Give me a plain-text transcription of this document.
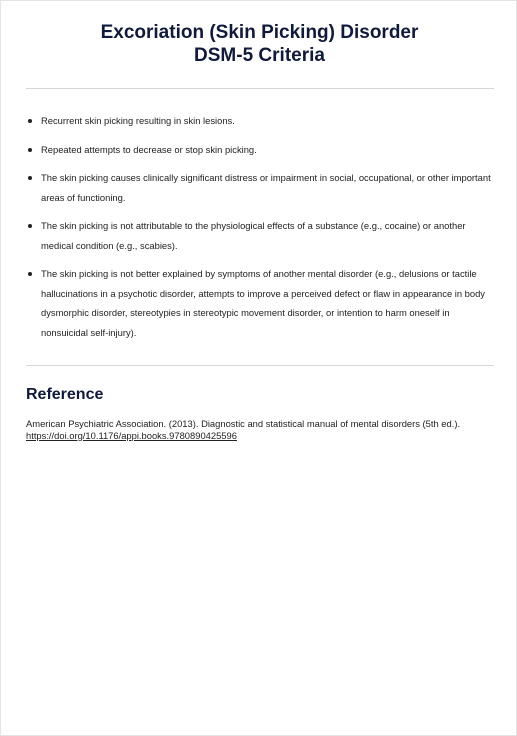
Excoriation (Skin Picking) Disorder
DSM-5 Criteria
Recurrent skin picking resulting in skin lesions.
Repeated attempts to decrease or stop skin picking.
The skin picking causes clinically significant distress or impairment in social, occupational, or other important areas of functioning.
The skin picking is not attributable to the physiological effects of a substance (e.g., cocaine) or another medical condition (e.g., scabies).
The skin picking is not better explained by symptoms of another mental disorder (e.g., delusions or tactile hallucinations in a psychotic disorder, attempts to improve a perceived defect or flaw in appearance in body dysmorphic disorder, stereotypies in stereotypic movement disorder, or intention to harm oneself in nonsuicidal self-injury).
Reference
American Psychiatric Association. (2013). Diagnostic and statistical manual of mental disorders (5th ed.). https://doi.org/10.1176/appi.books.9780890425596
